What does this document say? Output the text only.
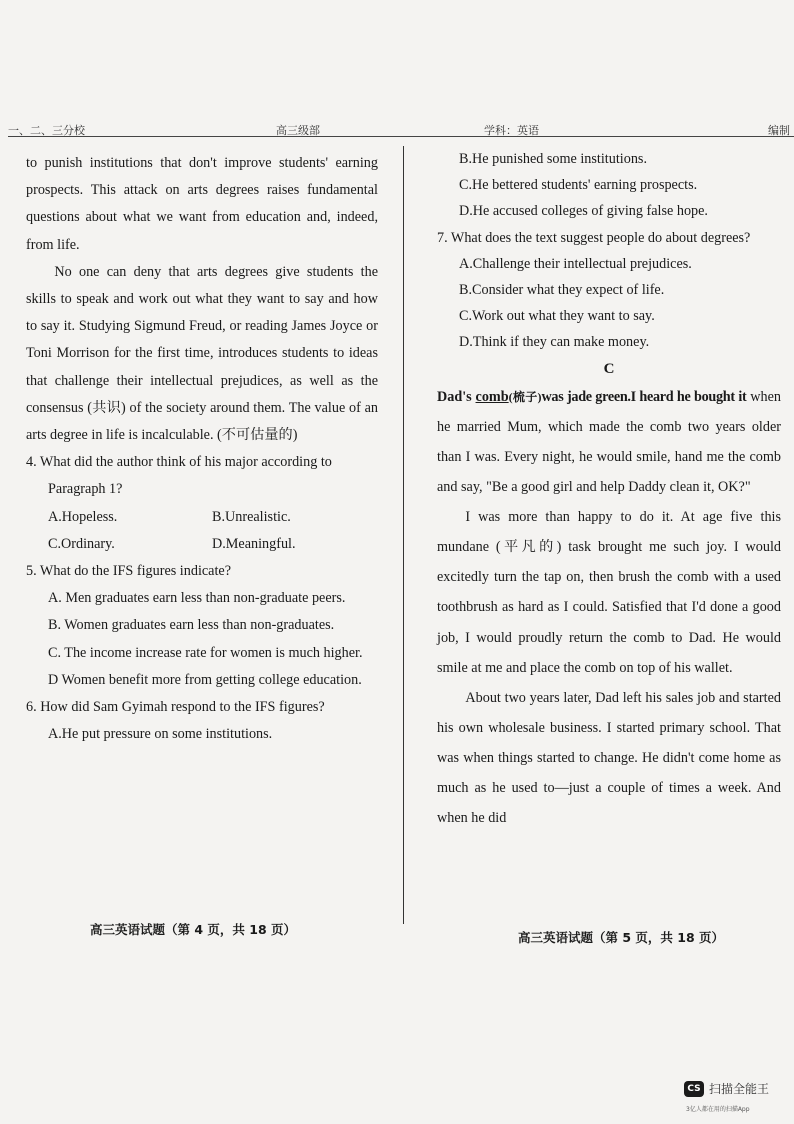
一、二、三分校	高三级部	学科：英语	编制

to punish institutions that don't improve students' earning prospects. This attack on arts degrees raises fundamental questions about what we want from education and, indeed, from life.

No one can deny that arts degrees give students the skills to speak and work out what they want to say and how to say it. Studying Sigmund Freud, or reading James Joyce or Toni Morrison for the first time, introduces students to ideas that challenge their intellectual prejudices, as well as the consensus (共识) of the society around them. The value of an arts degree in life is incalculable. (不可估量的)

4. What did the author think of his major according to Paragraph 1?

A.Hopeless.	B.Unrealistic.
C.Ordinary.	D.Meaningful.

5. What do the IFS figures indicate?

A. Men graduates earn less than non-graduate peers.

B. Women graduates earn less than non-graduates.

C. The income increase rate for women is much higher.

D Women benefit more from getting college education.

6. How did Sam Gyimah respond to the IFS figures?

A.He put pressure on some institutions.

B.He punished some institutions.

C.He bettered students' earning prospects.

D.He accused colleges of giving false hope.

7. What does the text suggest people do about degrees?

A.Challenge their intellectual prejudices.

B.Consider what they expect of life.

C.Work out what they want to say.

D.Think if they can make money.

C

Dad's comb(梳子)was jade green.I heard he bought it when he married Mum, which made the comb two years older than I was. Every night, he would smile, hand me the comb and say, "Be a good girl and help Daddy clean it, OK?"

I was more than happy to do it. At age five this mundane (平凡的) task brought me such joy. I would excitedly turn the tap on, then brush the comb with a used toothbrush as hard as I could. Satisfied that I'd done a good job, I would proudly return the comb to Dad. He would smile at me and place the comb on top of his wallet.

About two years later, Dad left his sales job and started his own wholesale business. I started primary school. That was when things started to change. He didn't come home as much as he used to—just a couple of times a week. And when he did

高三英语试题（第 4 页，共 18 页）
高三英语试题（第 5 页，共 18 页）
CS 扫描全能王
3亿人都在用的扫描App
